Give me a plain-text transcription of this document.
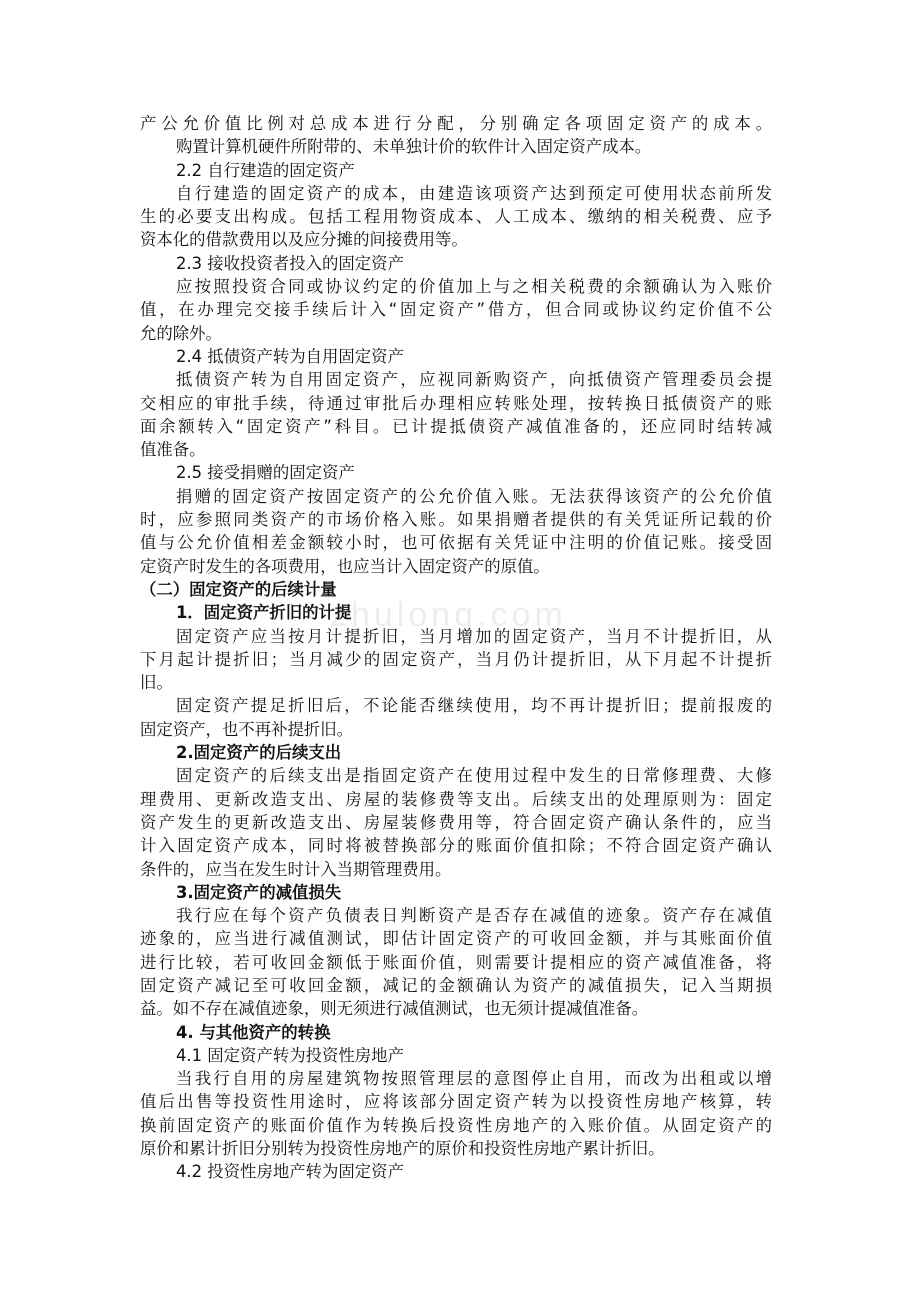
zhulong.com
产公允价值比例对总成本进行分配，分别确定各项固定资产的成本。
购置计算机硬件所附带的、未单独计价的软件计入固定资产成本。
2.2 自行建造的固定资产
自行建造的固定资产的成本，由建造该项资产达到预定可使用状态前所发
生的必要支出构成。包括工程用物资成本、人工成本、缴纳的相关税费、应予
资本化的借款费用以及应分摊的间接费用等。
2.3 接收投资者投入的固定资产
应按照投资合同或协议约定的价值加上与之相关税费的余额确认为入账价
值，在办理完交接手续后计入“固定资产”借方，但合同或协议约定价值不公
允的除外。
2.4 抵债资产转为自用固定资产
抵债资产转为自用固定资产，应视同新购资产，向抵债资产管理委员会提
交相应的审批手续，待通过审批后办理相应转账处理，按转换日抵债资产的账
面余额转入“固定资产”科目。已计提抵债资产减值准备的，还应同时结转减
值准备。
2.5 接受捐赠的固定资产
捐赠的固定资产按固定资产的公允价值入账。无法获得该资产的公允价值
时，应参照同类资产的市场价格入账。如果捐赠者提供的有关凭证所记载的价
值与公允价值相差金额较小时，也可依据有关凭证中注明的价值记账。接受固
定资产时发生的各项费用，也应当计入固定资产的原值。
（二）固定资产的后续计量
1．固定资产折旧的计提
固定资产应当按月计提折旧，当月增加的固定资产，当月不计提折旧，从
下月起计提折旧；当月减少的固定资产，当月仍计提折旧，从下月起不计提折
旧。
固定资产提足折旧后，不论能否继续使用，均不再计提折旧；提前报废的
固定资产，也不再补提折旧。
2.固定资产的后续支出
固定资产的后续支出是指固定资产在使用过程中发生的日常修理费、大修
理费用、更新改造支出、房屋的装修费等支出。后续支出的处理原则为：固定
资产发生的更新改造支出、房屋装修费用等，符合固定资产确认条件的，应当
计入固定资产成本，同时将被替换部分的账面价值扣除；不符合固定资产确认
条件的，应当在发生时计入当期管理费用。
3.固定资产的减值损失
我行应在每个资产负债表日判断资产是否存在减值的迹象。资产存在减值
迹象的，应当进行减值测试，即估计固定资产的可收回金额，并与其账面价值
进行比较，若可收回金额低于账面价值，则需要计提相应的资产减值准备，将
固定资产减记至可收回金额，减记的金额确认为资产的减值损失，记入当期损
益。如不存在减值迹象，则无须进行减值测试，也无须计提减值准备。
4. 与其他资产的转换
4.1 固定资产转为投资性房地产
当我行自用的房屋建筑物按照管理层的意图停止自用，而改为出租或以增
值后出售等投资性用途时，应将该部分固定资产转为以投资性房地产核算，转
换前固定资产的账面价值作为转换后投资性房地产的入账价值。从固定资产的
原价和累计折旧分别转为投资性房地产的原价和投资性房地产累计折旧。
4.2 投资性房地产转为固定资产
